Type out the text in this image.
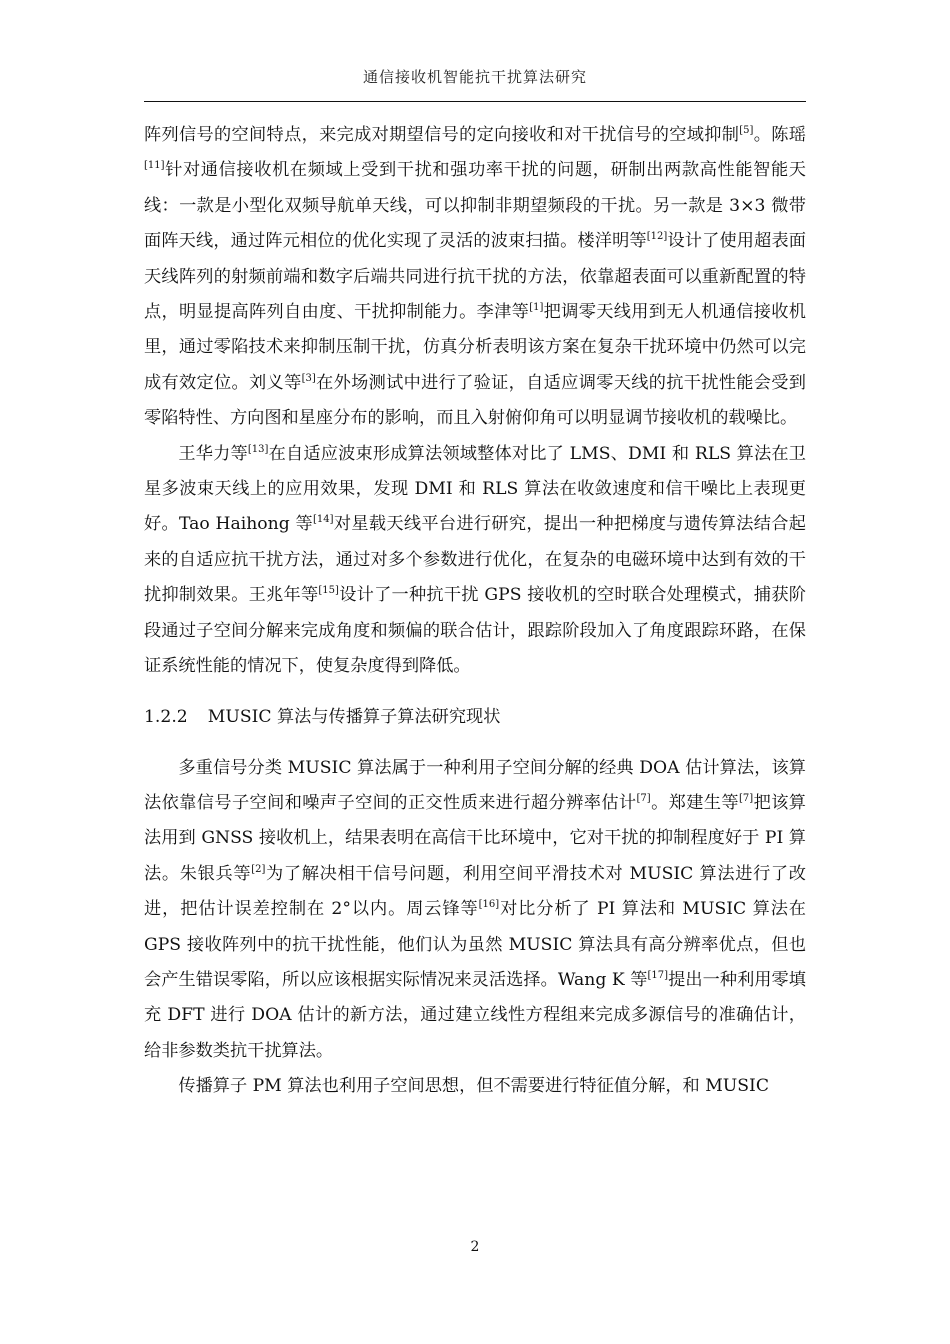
通信接收机智能抗干扰算法研究

阵列信号的空间特点，来完成对期望信号的定向接收和对干扰信号的空域抑制[5]。陈瑶[11]针对通信接收机在频域上受到干扰和强功率干扰的问题，研制出两款高性能智能天线：一款是小型化双频导航单天线，可以抑制非期望频段的干扰。另一款是 3×3 微带面阵天线，通过阵元相位的优化实现了灵活的波束扫描。楼洋明等[12]设计了使用超表面天线阵列的射频前端和数字后端共同进行抗干扰的方法，依靠超表面可以重新配置的特点，明显提高阵列自由度、干扰抑制能力。李津等[1]把调零天线用到无人机通信接收机里，通过零陷技术来抑制压制干扰，仿真分析表明该方案在复杂干扰环境中仍然可以完成有效定位。刘义等[3]在外场测试中进行了验证，自适应调零天线的抗干扰性能会受到零陷特性、方向图和星座分布的影响，而且入射俯仰角可以明显调节接收机的载噪比。

王华力等[13]在自适应波束形成算法领域整体对比了 LMS、DMI 和 RLS 算法在卫星多波束天线上的应用效果，发现 DMI 和 RLS 算法在收敛速度和信干噪比上表现更好。Tao Haihong 等[14]对星载天线平台进行研究，提出一种把梯度与遗传算法结合起来的自适应抗干扰方法，通过对多个参数进行优化，在复杂的电磁环境中达到有效的干扰抑制效果。王兆年等[15]设计了一种抗干扰 GPS 接收机的空时联合处理模式，捕获阶段通过子空间分解来完成角度和频偏的联合估计，跟踪阶段加入了角度跟踪环路，在保证系统性能的情况下，使复杂度得到降低。

1.2.2 MUSIC 算法与传播算子算法研究现状

多重信号分类 MUSIC 算法属于一种利用子空间分解的经典 DOA 估计算法，该算法依靠信号子空间和噪声子空间的正交性质来进行超分辨率估计[7]。郑建生等[7]把该算法用到 GNSS 接收机上，结果表明在高信干比环境中，它对干扰的抑制程度好于 PI 算法。朱银兵等[2]为了解决相干信号问题，利用空间平滑技术对 MUSIC 算法进行了改进，把估计误差控制在 2°以内。周云锋等[16]对比分析了 PI 算法和 MUSIC 算法在 GPS 接收阵列中的抗干扰性能，他们认为虽然 MUSIC 算法具有高分辨率优点，但也会产生错误零陷，所以应该根据实际情况来灵活选择。Wang K 等[17]提出一种利用零填充 DFT 进行 DOA 估计的新方法，通过建立线性方程组来完成多源信号的准确估计，给非参数类抗干扰算法。

传播算子 PM 算法也利用子空间思想，但不需要进行特征值分解，和 MUSIC

2
